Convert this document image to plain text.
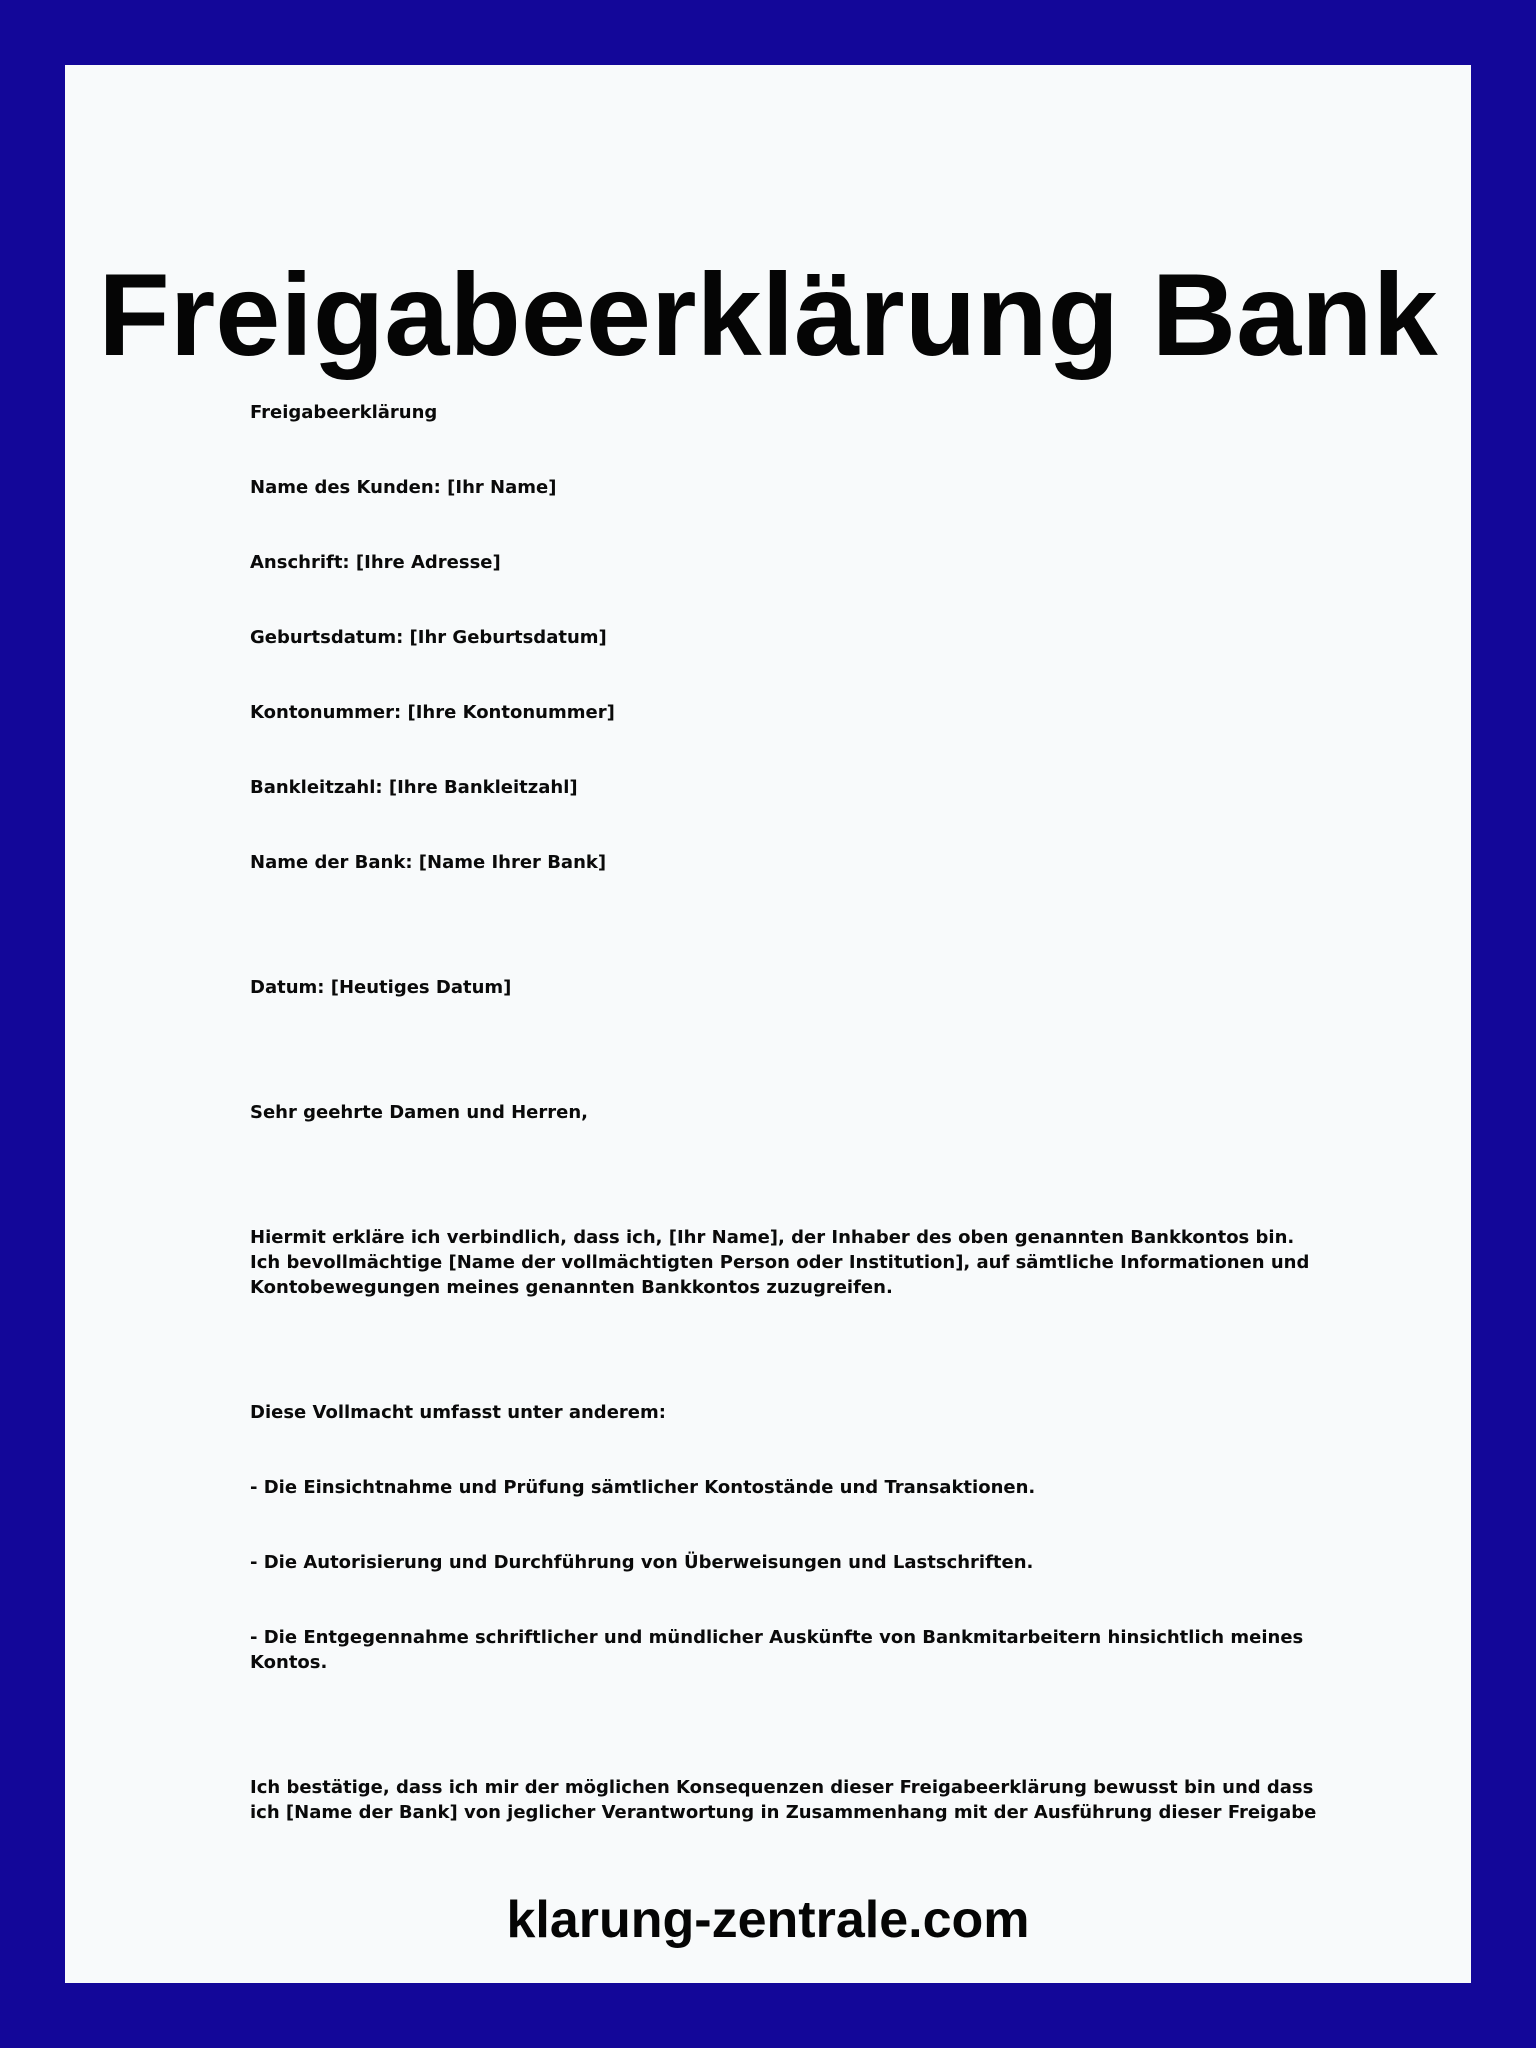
Freigabeerklärung Bank

Freigabeerklärung

Name des Kunden: [Ihr Name]

Anschrift: [Ihre Adresse]

Geburtsdatum: [Ihr Geburtsdatum]

Kontonummer: [Ihre Kontonummer]

Bankleitzahl: [Ihre Bankleitzahl]

Name der Bank: [Name Ihrer Bank]

Datum: [Heutiges Datum]

Sehr geehrte Damen und Herren,

Hiermit erkläre ich verbindlich, dass ich, [Ihr Name], der Inhaber des oben genannten Bankkontos bin. Ich bevollmächtige [Name der vollmächtigten Person oder Institution], auf sämtliche Informationen und Kontobewegungen meines genannten Bankkontos zuzugreifen.

Diese Vollmacht umfasst unter anderem:

- Die Einsichtnahme und Prüfung sämtlicher Kontostände und Transaktionen.

- Die Autorisierung und Durchführung von Überweisungen und Lastschriften.

- Die Entgegennahme schriftlicher und mündlicher Auskünfte von Bankmitarbeitern hinsichtlich meines Kontos.

Ich bestätige, dass ich mir der möglichen Konsequenzen dieser Freigabeerklärung bewusst bin und dass ich [Name der Bank] von jeglicher Verantwortung in Zusammenhang mit der Ausführung dieser Freigabe

klarung-zentrale.com
